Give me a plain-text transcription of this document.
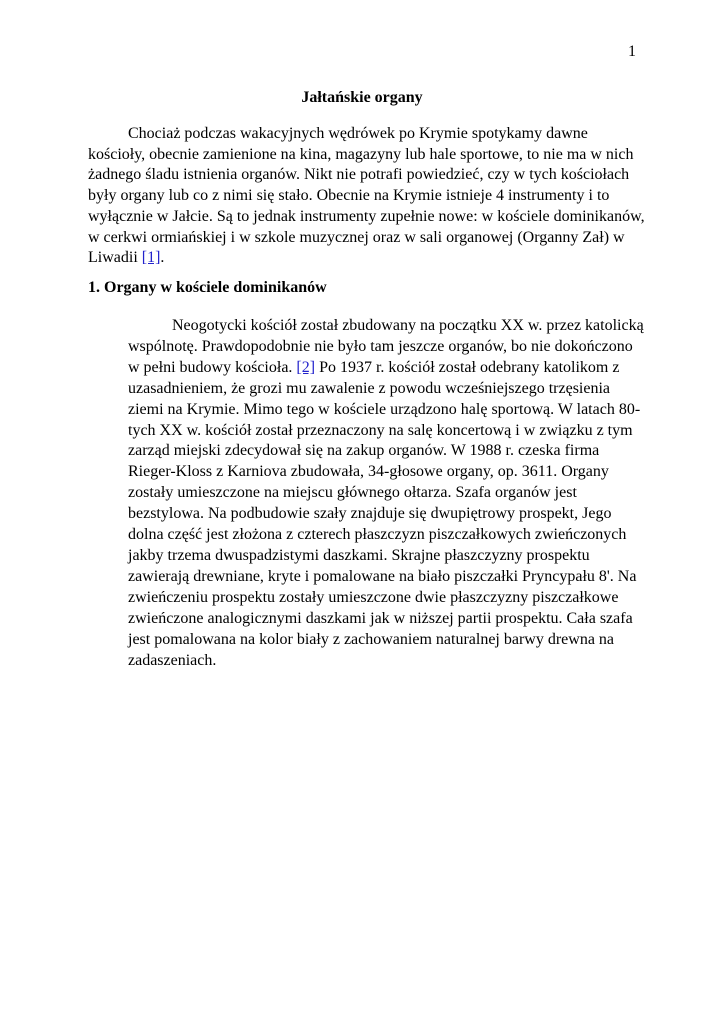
1
Jałtańskie organy

Chociaż podczas wakacyjnych wędrówek po Krymie spotykamy dawne kościoły, obecnie zamienione na kina, magazyny lub hale sportowe, to nie ma w nich żadnego śladu istnienia organów. Nikt nie potrafi powiedzieć, czy w tych kościołach były organy lub co z nimi się stało. Obecnie na Krymie istnieje 4 instrumenty i to wyłącznie w Jałcie. Są to jednak instrumenty zupełnie nowe: w kościele dominikanów, w cerkwi ormiańskiej i w szkole muzycznej oraz w sali organowej (Organny Zał) w Liwadii [1].

1. Organy w kościele dominikanów

Neogotycki kościół został zbudowany na początku XX w. przez katolicką wspólnotę. Prawdopodobnie nie było tam jeszcze organów, bo nie dokończono w pełni budowy kościoła. [2] Po 1937 r. kościół został odebrany katolikom z uzasadnieniem, że grozi mu zawalenie z powodu wcześniejszego trzęsienia ziemi na Krymie. Mimo tego w kościele urządzono halę sportową. W latach 80-tych XX w. kościół został przeznaczony na salę koncertową i w związku z tym zarząd miejski zdecydował się na zakup organów. W 1988 r. czeska firma Rieger-Kloss z Karniova zbudowała, 34-głosowe organy, op. 3611. Organy zostały umieszczone na miejscu głównego ołtarza. Szafa organów jest bezstylowa. Na podbudowie szały znajduje się dwupiętrowy prospekt, Jego dolna część jest złożona z czterech płaszczyzn piszczałkowych zwieńczonych jakby trzema dwuspadzistymi daszkami. Skrajne płaszczyzny prospektu zawierają drewniane, kryte i pomalowane na biało piszczałki Pryncypału 8'. Na zwieńczeniu prospektu zostały umieszczone dwie płaszczyzny piszczałkowe zwieńczone analogicznymi daszkami jak w niższej partii prospektu. Cała szafa jest pomalowana na kolor biały z zachowaniem naturalnej barwy drewna na zadaszeniach.
